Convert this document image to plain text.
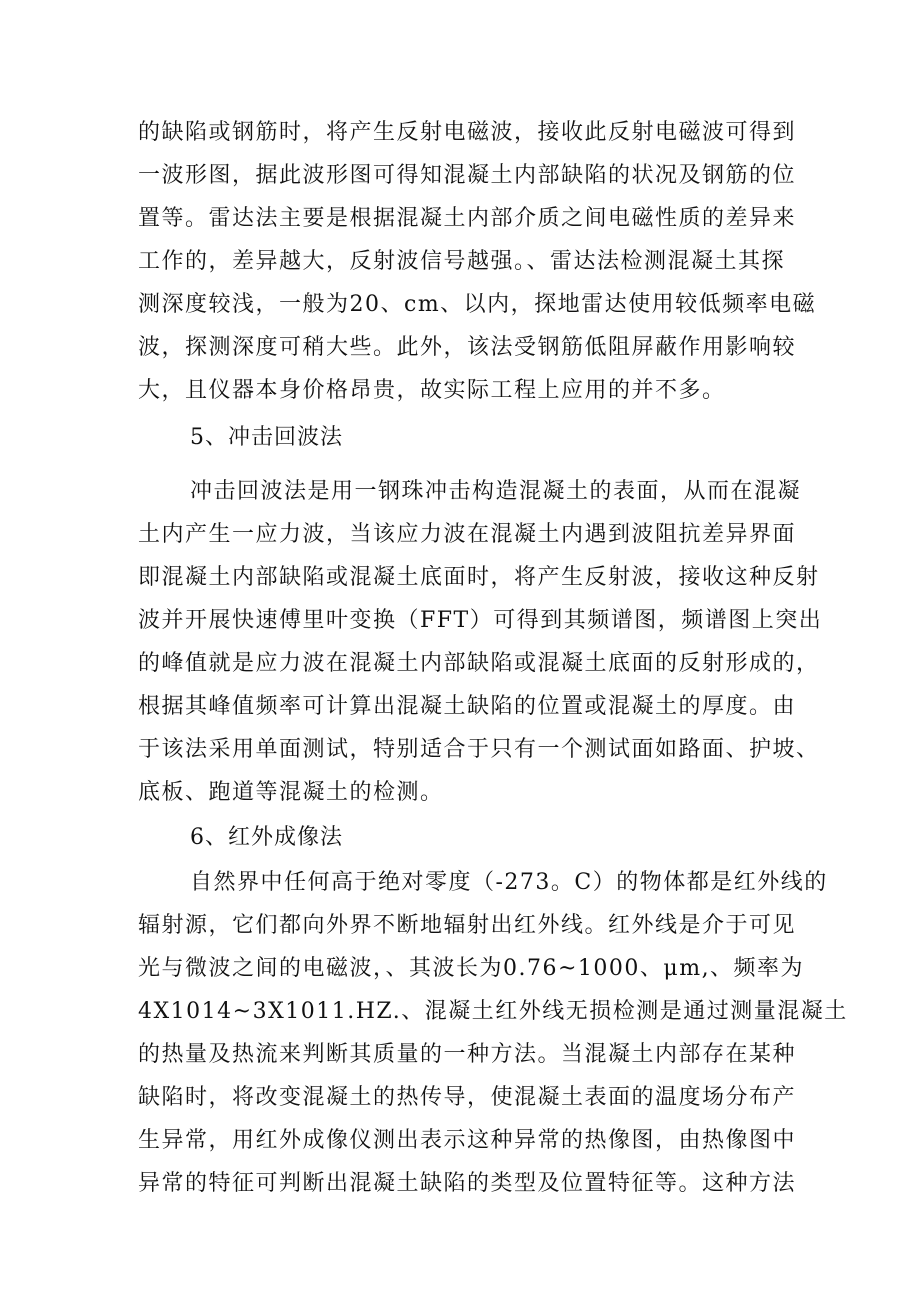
的缺陷或钢筋时，将产生反射电磁波，接收此反射电磁波可得到
一波形图，据此波形图可得知混凝土内部缺陷的状况及钢筋的位
置等。雷达法主要是根据混凝土内部介质之间电磁性质的差异来
工作的，差异越大，反射波信号越强。、雷达法检测混凝土其探
测深度较浅，一般为20、cm、以内，探地雷达使用较低频率电磁
波，探测深度可稍大些。此外，该法受钢筋低阻屏蔽作用影响较
大，且仪器本身价格昂贵，故实际工程上应用的并不多。
5、冲击回波法
冲击回波法是用一钢珠冲击构造混凝土的表面，从而在混凝
土内产生一应力波，当该应力波在混凝土内遇到波阻抗差异界面
即混凝土内部缺陷或混凝土底面时，将产生反射波，接收这种反射
波并开展快速傅里叶变换（FFT）可得到其频谱图，频谱图上突出
的峰值就是应力波在混凝土内部缺陷或混凝土底面的反射形成的，
根据其峰值频率可计算出混凝土缺陷的位置或混凝土的厚度。由
于该法采用单面测试，特别适合于只有一个测试面如路面、护坡、
底板、跑道等混凝土的检测。
6、红外成像法
自然界中任何高于绝对零度（-273。C）的物体都是红外线的
辐射源，它们都向外界不断地辐射出红外线。红外线是介于可见
光与微波之间的电磁波，、其波长为0.76~1000、μm,、频率为
4X1014~3X1011.HZ.、混凝土红外线无损检测是通过测量混凝土
的热量及热流来判断其质量的一种方法。当混凝土内部存在某种
缺陷时，将改变混凝土的热传导，使混凝土表面的温度场分布产
生异常，用红外成像仪测出表示这种异常的热像图，由热像图中
异常的特征可判断出混凝土缺陷的类型及位置特征等。这种方法
